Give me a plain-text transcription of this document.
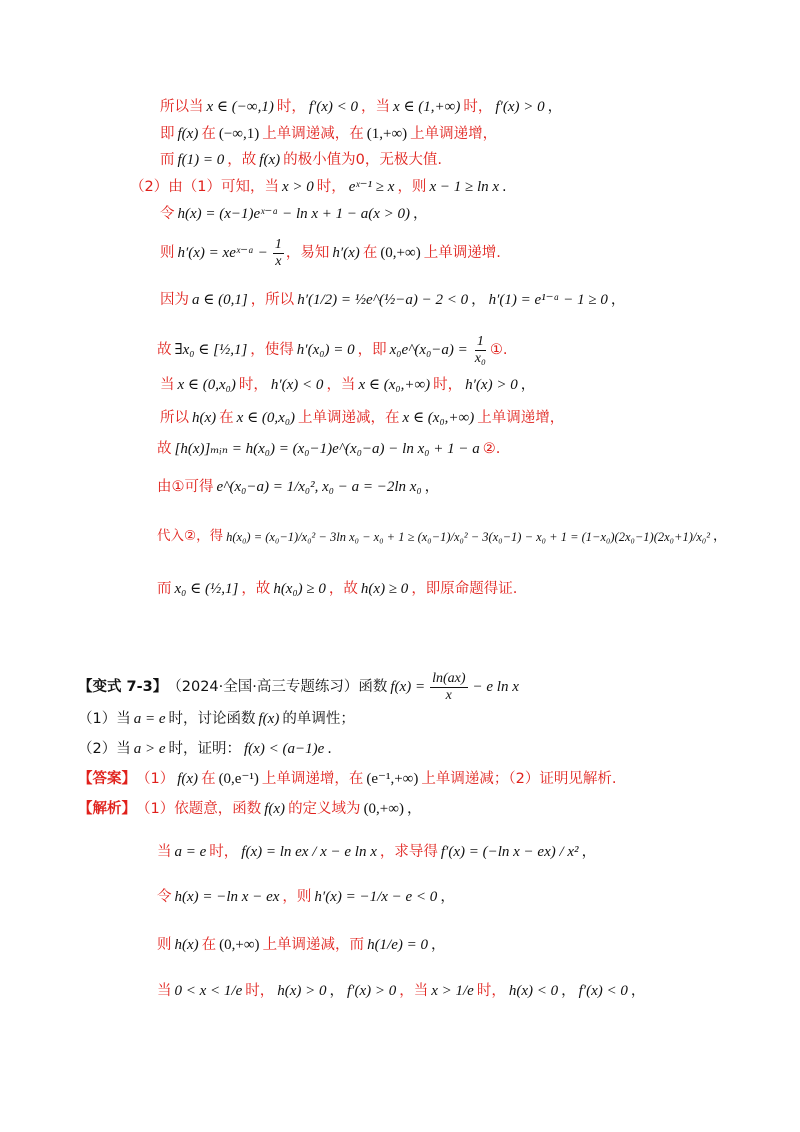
所以当 x ∈ (−∞,1) 时， f′(x) < 0 ，当 x ∈ (1,+∞) 时， f′(x) > 0 ，
即 f(x) 在 (−∞,1) 上单调递减，在 (1,+∞) 上单调递增，
而 f(1) = 0 ，故 f(x) 的极小值为0，无极大值.
（2）由（1）可知，当 x > 0 时， eˣ⁻¹ ≥ x ，则 x − 1 ≥ ln x .
令 h(x) = (x−1)eˣ⁻ᵃ − ln x + 1 − a(x > 0) ，
则 h′(x) = xeˣ⁻ᵃ − $\frac{1}{x}$ ，易知 h′(x) 在 (0,+∞) 上单调递增.
因为 a ∈ (0,1] ，所以 h′(1/2) = ½e^(½−a) − 2 < 0 ， h′(1) = e¹⁻ᵃ − 1 ≥ 0 ，
故 ∃x₀ ∈ [½,1] ，使得 h′(x₀) = 0 ，即 x₀e^(x₀−a) = $\frac{1}{\text{x₀}}$ ①.
当 x ∈ (0,x₀) 时， h′(x) < 0 ，当 x ∈ (x₀,+∞) 时， h′(x) > 0 ，
所以 h(x) 在 x ∈ (0,x₀) 上单调递减，在 x ∈ (x₀,+∞) 上单调递增，
故 [h(x)]ₘᵢₙ = h(x₀) = (x₀−1)e^(x₀−a) − ln x₀ + 1 − a ②.
由①可得 e^(x₀−a) = 1/x₀², x₀ − a = −2ln x₀ ，
代入②，得 h(x₀) = (x₀−1)/x₀² − 3ln x₀ − x₀ + 1 ≥ (x₀−1)/x₀² − 3(x₀−1) − x₀ + 1 = (1−x₀)(2x₀−1)(2x₀+1)/x₀² ，
而 x₀ ∈ (½,1] ，故 h(x₀) ≥ 0 ，故 h(x) ≥ 0 ，即原命题得证.
【变式 7-3】 （2024·全国·高三专题练习）函数 $f(x) = \frac{\ln(ax)}{x} - e$ ln x
（1）当 a = e 时，讨论函数 f(x) 的单调性；
（2）当 a > e 时，证明： f(x) < (a−1)e .
【答案】 （1） f(x) 在 (0,e⁻¹) 上单调递增，在 (e⁻¹,+∞) 上单调递减；（2）证明见解析.
【解析】 （1）依题意，函数 f(x) 的定义域为 (0,+∞) ，
当 a = e 时， f(x) = ln ex / x − e ln x ，求导得 f′(x) = (−ln x − ex) / x² ，
令 h(x) = −ln x − ex ，则 h′(x) = −1/x − e < 0 ，
则 h(x) 在 (0,+∞) 上单调递减，而 h(1/e) = 0 ，
当 0 < x < 1/e 时， h(x) > 0 ， f′(x) > 0 ，当 x > 1/e 时， h(x) < 0 ， f′(x) < 0 ，
